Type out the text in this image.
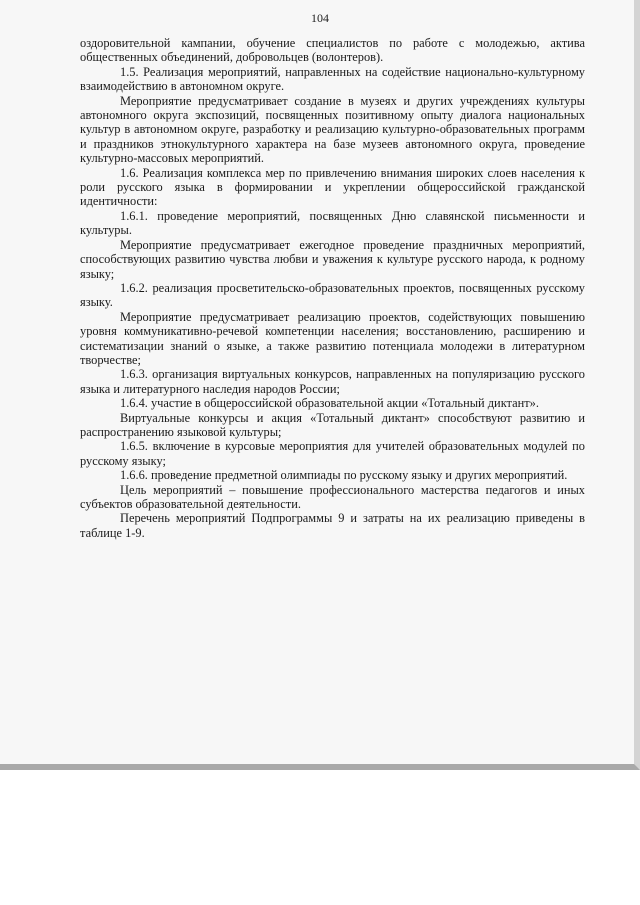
104

оздоровительной кампании, обучение специалистов по работе с молодежью, актива общественных объединений, добровольцев (волонтеров).

1.5. Реализация мероприятий, направленных на содействие национально-культурному взаимодействию в автономном округе.

Мероприятие предусматривает создание в музеях и других учреждениях культуры автономного округа экспозиций, посвященных позитивному опыту диалога национальных культур в автономном округе, разработку и реализацию культурно-образовательных программ и праздников этнокультурного характера на базе музеев автономного округа, проведение культурно-массовых мероприятий.

1.6. Реализация комплекса мер по привлечению внимания широких слоев населения к роли русского языка в формировании и укреплении общероссийской гражданской идентичности:

1.6.1. проведение мероприятий, посвященных Дню славянской письменности и культуры.

Мероприятие предусматривает ежегодное проведение праздничных мероприятий, способствующих развитию чувства любви и уважения к культуре русского народа, к родному языку;

1.6.2. реализация просветительско-образовательных проектов, посвященных русскому языку.

Мероприятие предусматривает реализацию проектов, содействующих повышению уровня коммуникативно-речевой компетенции населения; восстановлению, расширению и систематизации знаний о языке, а также развитию потенциала молодежи в литературном творчестве;

1.6.3. организация виртуальных конкурсов, направленных на популяризацию русского языка и литературного наследия народов России;

1.6.4. участие в общероссийской образовательной акции «Тотальный диктант».

Виртуальные конкурсы и акция «Тотальный диктант» способствуют развитию и распространению языковой культуры;

1.6.5. включение в курсовые мероприятия для учителей образовательных модулей по русскому языку;

1.6.6. проведение предметной олимпиады по русскому языку и других мероприятий.

Цель мероприятий – повышение профессионального мастерства педагогов и иных субъектов образовательной деятельности.

Перечень мероприятий Подпрограммы 9 и затраты на их реализацию приведены в таблице 1-9.
